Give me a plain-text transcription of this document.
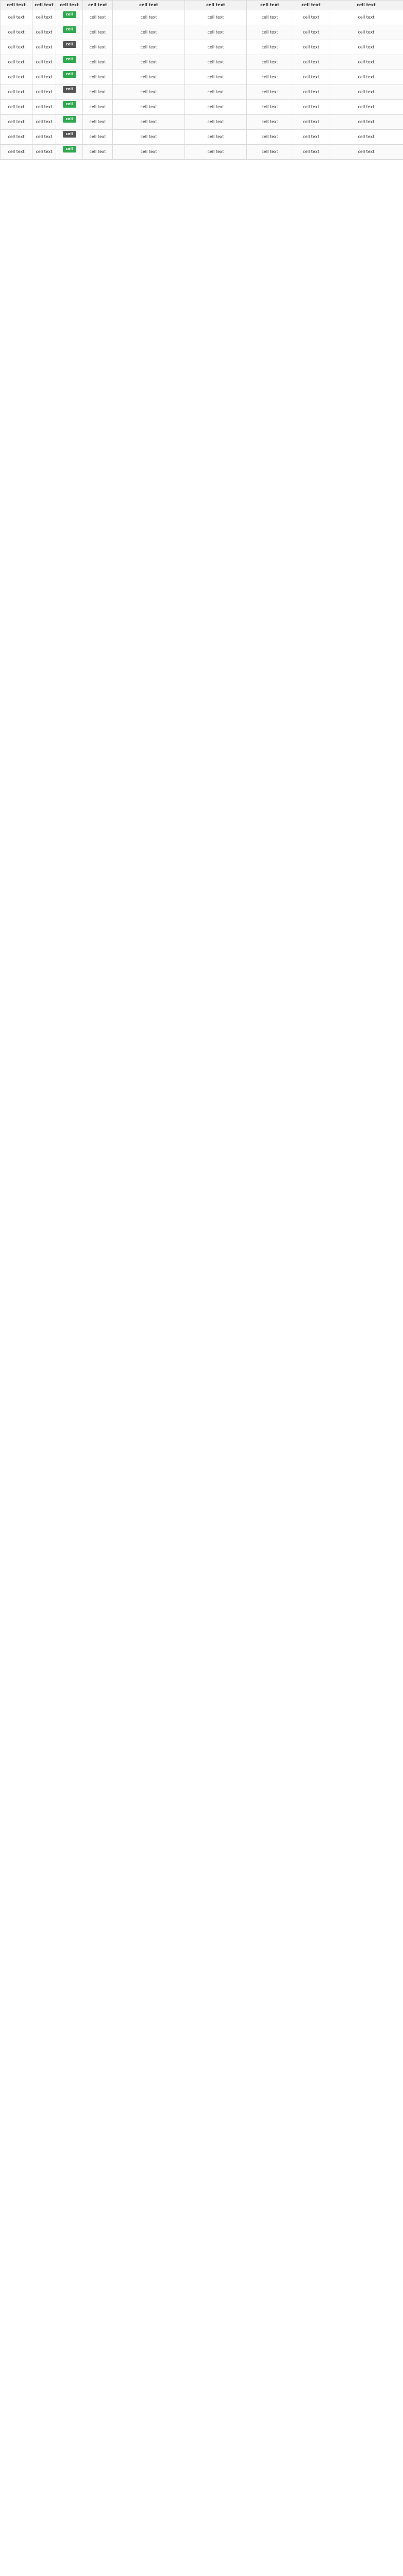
cell text	cell text	cell text	cell text	cell text	cell text	cell text	cell text	cell text
cell text	cell text	cell text	cell text	cell text	cell text	cell text	cell text	cell text
cell text	cell text	cell text	cell text	cell text	cell text	cell text	cell text	cell text
cell text	cell text	cell text	cell text	cell text	cell text	cell text	cell text	cell text
cell text	cell text	cell text	cell text	cell text	cell text	cell text	cell text	cell text
cell text	cell text	cell text	cell text	cell text	cell text	cell text	cell text	cell text
cell text	cell text	cell text	cell text	cell text	cell text	cell text	cell text	cell text
cell text	cell text	cell text	cell text	cell text	cell text	cell text	cell text	cell text
cell text	cell text	cell text	cell text	cell text	cell text	cell text	cell text	cell text
cell text	cell text	cell text	cell text	cell text	cell text	cell text	cell text	cell text
cell text	cell text	cell text	cell text	cell text	cell text	cell text	cell text	cell text
